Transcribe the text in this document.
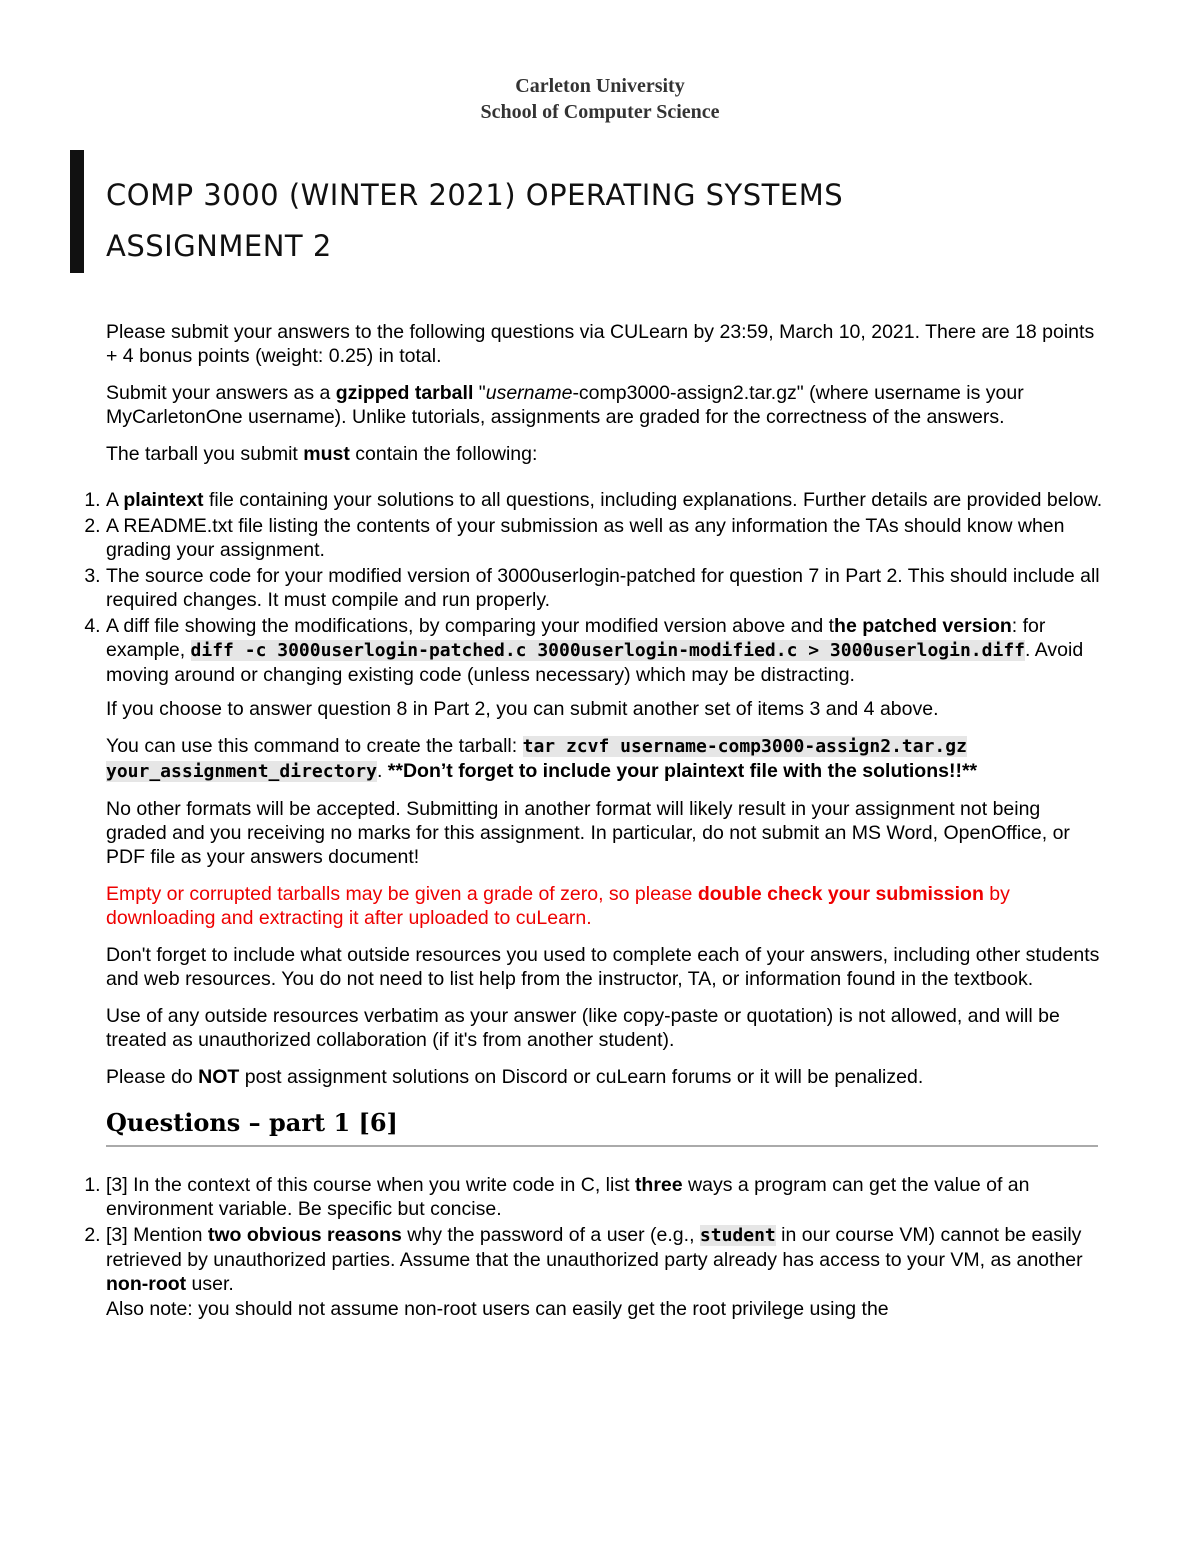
Carleton University
School of Computer Science
COMP 3000 (WINTER 2021) OPERATING SYSTEMS
ASSIGNMENT 2

Please submit your answers to the following questions via CULearn by 23:59, March 10, 2021. There are 18 points + 4 bonus points (weight: 0.25) in total.

Submit your answers as a gzipped tarball "username-comp3000-assign2.tar.gz" (where username is your MyCarletonOne username). Unlike tutorials, assignments are graded for the correctness of the answers.

The tarball you submit must contain the following:

1. A plaintext file containing your solutions to all questions, including explanations. Further details are provided below.
2. A README.txt file listing the contents of your submission as well as any information the TAs should know when grading your assignment.
3. The source code for your modified version of 3000userlogin-patched for question 7 in Part 2. This should include all required changes. It must compile and run properly.
4. A diff file showing the modifications, by comparing your modified version above and the patched version: for example, diff -c 3000userlogin-patched.c 3000userlogin-modified.c > 3000userlogin.diff. Avoid moving around or changing existing code (unless necessary) which may be distracting.

If you choose to answer question 8 in Part 2, you can submit another set of items 3 and 4 above.

You can use this command to create the tarball: tar zcvf username-comp3000-assign2.tar.gz your_assignment_directory. **Don’t forget to include your plaintext file with the solutions!!**

No other formats will be accepted. Submitting in another format will likely result in your assignment not being graded and you receiving no marks for this assignment. In particular, do not submit an MS Word, OpenOffice, or PDF file as your answers document!

Empty or corrupted tarballs may be given a grade of zero, so please double check your submission by downloading and extracting it after uploaded to cuLearn.

Don't forget to include what outside resources you used to complete each of your answers, including other students and web resources. You do not need to list help from the instructor, TA, or information found in the textbook.

Use of any outside resources verbatim as your answer (like copy-paste or quotation) is not allowed, and will be treated as unauthorized collaboration (if it's from another student).

Please do NOT post assignment solutions on Discord or cuLearn forums or it will be penalized.

Questions – part 1 [6]
1. [3] In the context of this course when you write code in C, list three ways a program can get the value of an environment variable. Be specific but concise.
2. [3] Mention two obvious reasons why the password of a user (e.g., student in our course VM) cannot be easily retrieved by unauthorized parties. Assume that the unauthorized party already has access to your VM, as another non-root user.
Also note: you should not assume non-root users can easily get the root privilege using the
